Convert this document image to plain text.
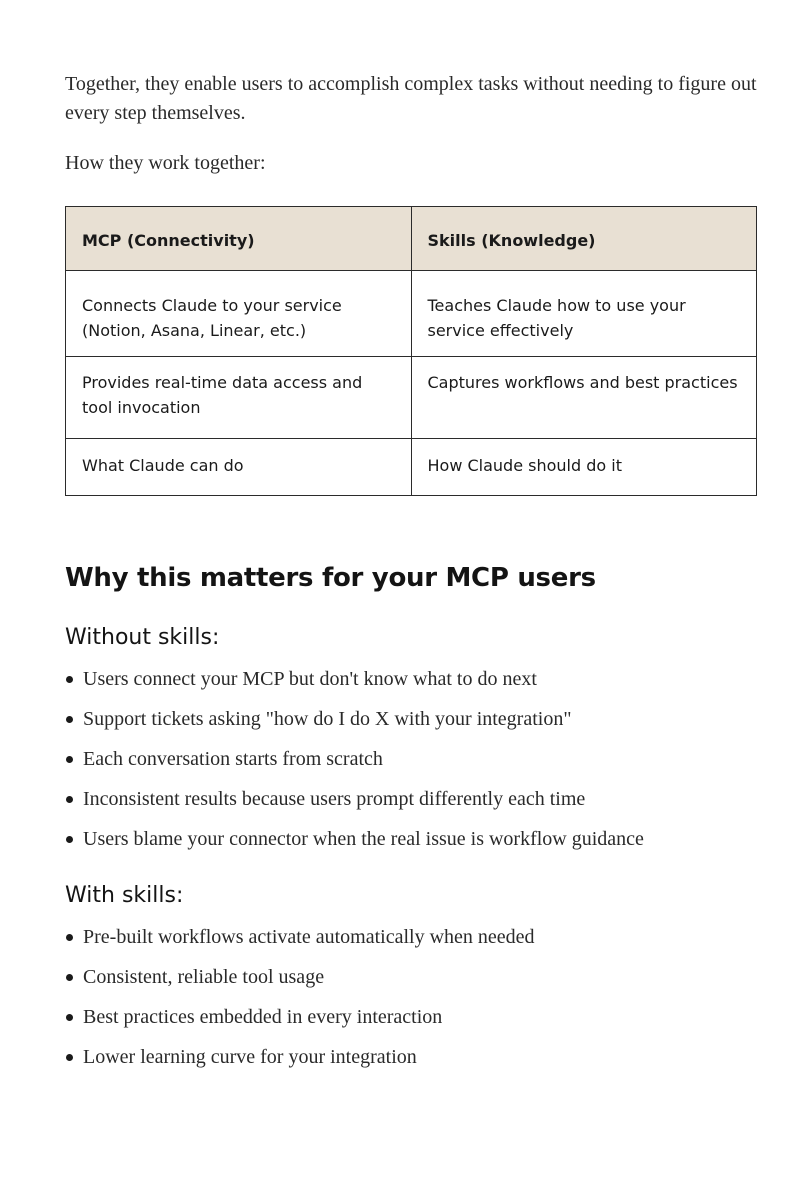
Together, they enable users to accomplish complex tasks without needing to figure out every step themselves.

How they work together:

MCP (Connectivity)	Skills (Knowledge)
Connects Claude to your service (Notion, Asana, Linear, etc.)	Teaches Claude how to use your service effectively
Provides real-time data access and tool invocation	Captures workflows and best practices
What Claude can do	How Claude should do it
Why this matters for your MCP users
Without skills:
Users connect your MCP but don't know what to do next
Support tickets asking "how do I do X with your integration"
Each conversation starts from scratch
Inconsistent results because users prompt differently each time
Users blame your connector when the real issue is workflow guidance
With skills:
Pre-built workflows activate automatically when needed
Consistent, reliable tool usage
Best practices embedded in every interaction
Lower learning curve for your integration
